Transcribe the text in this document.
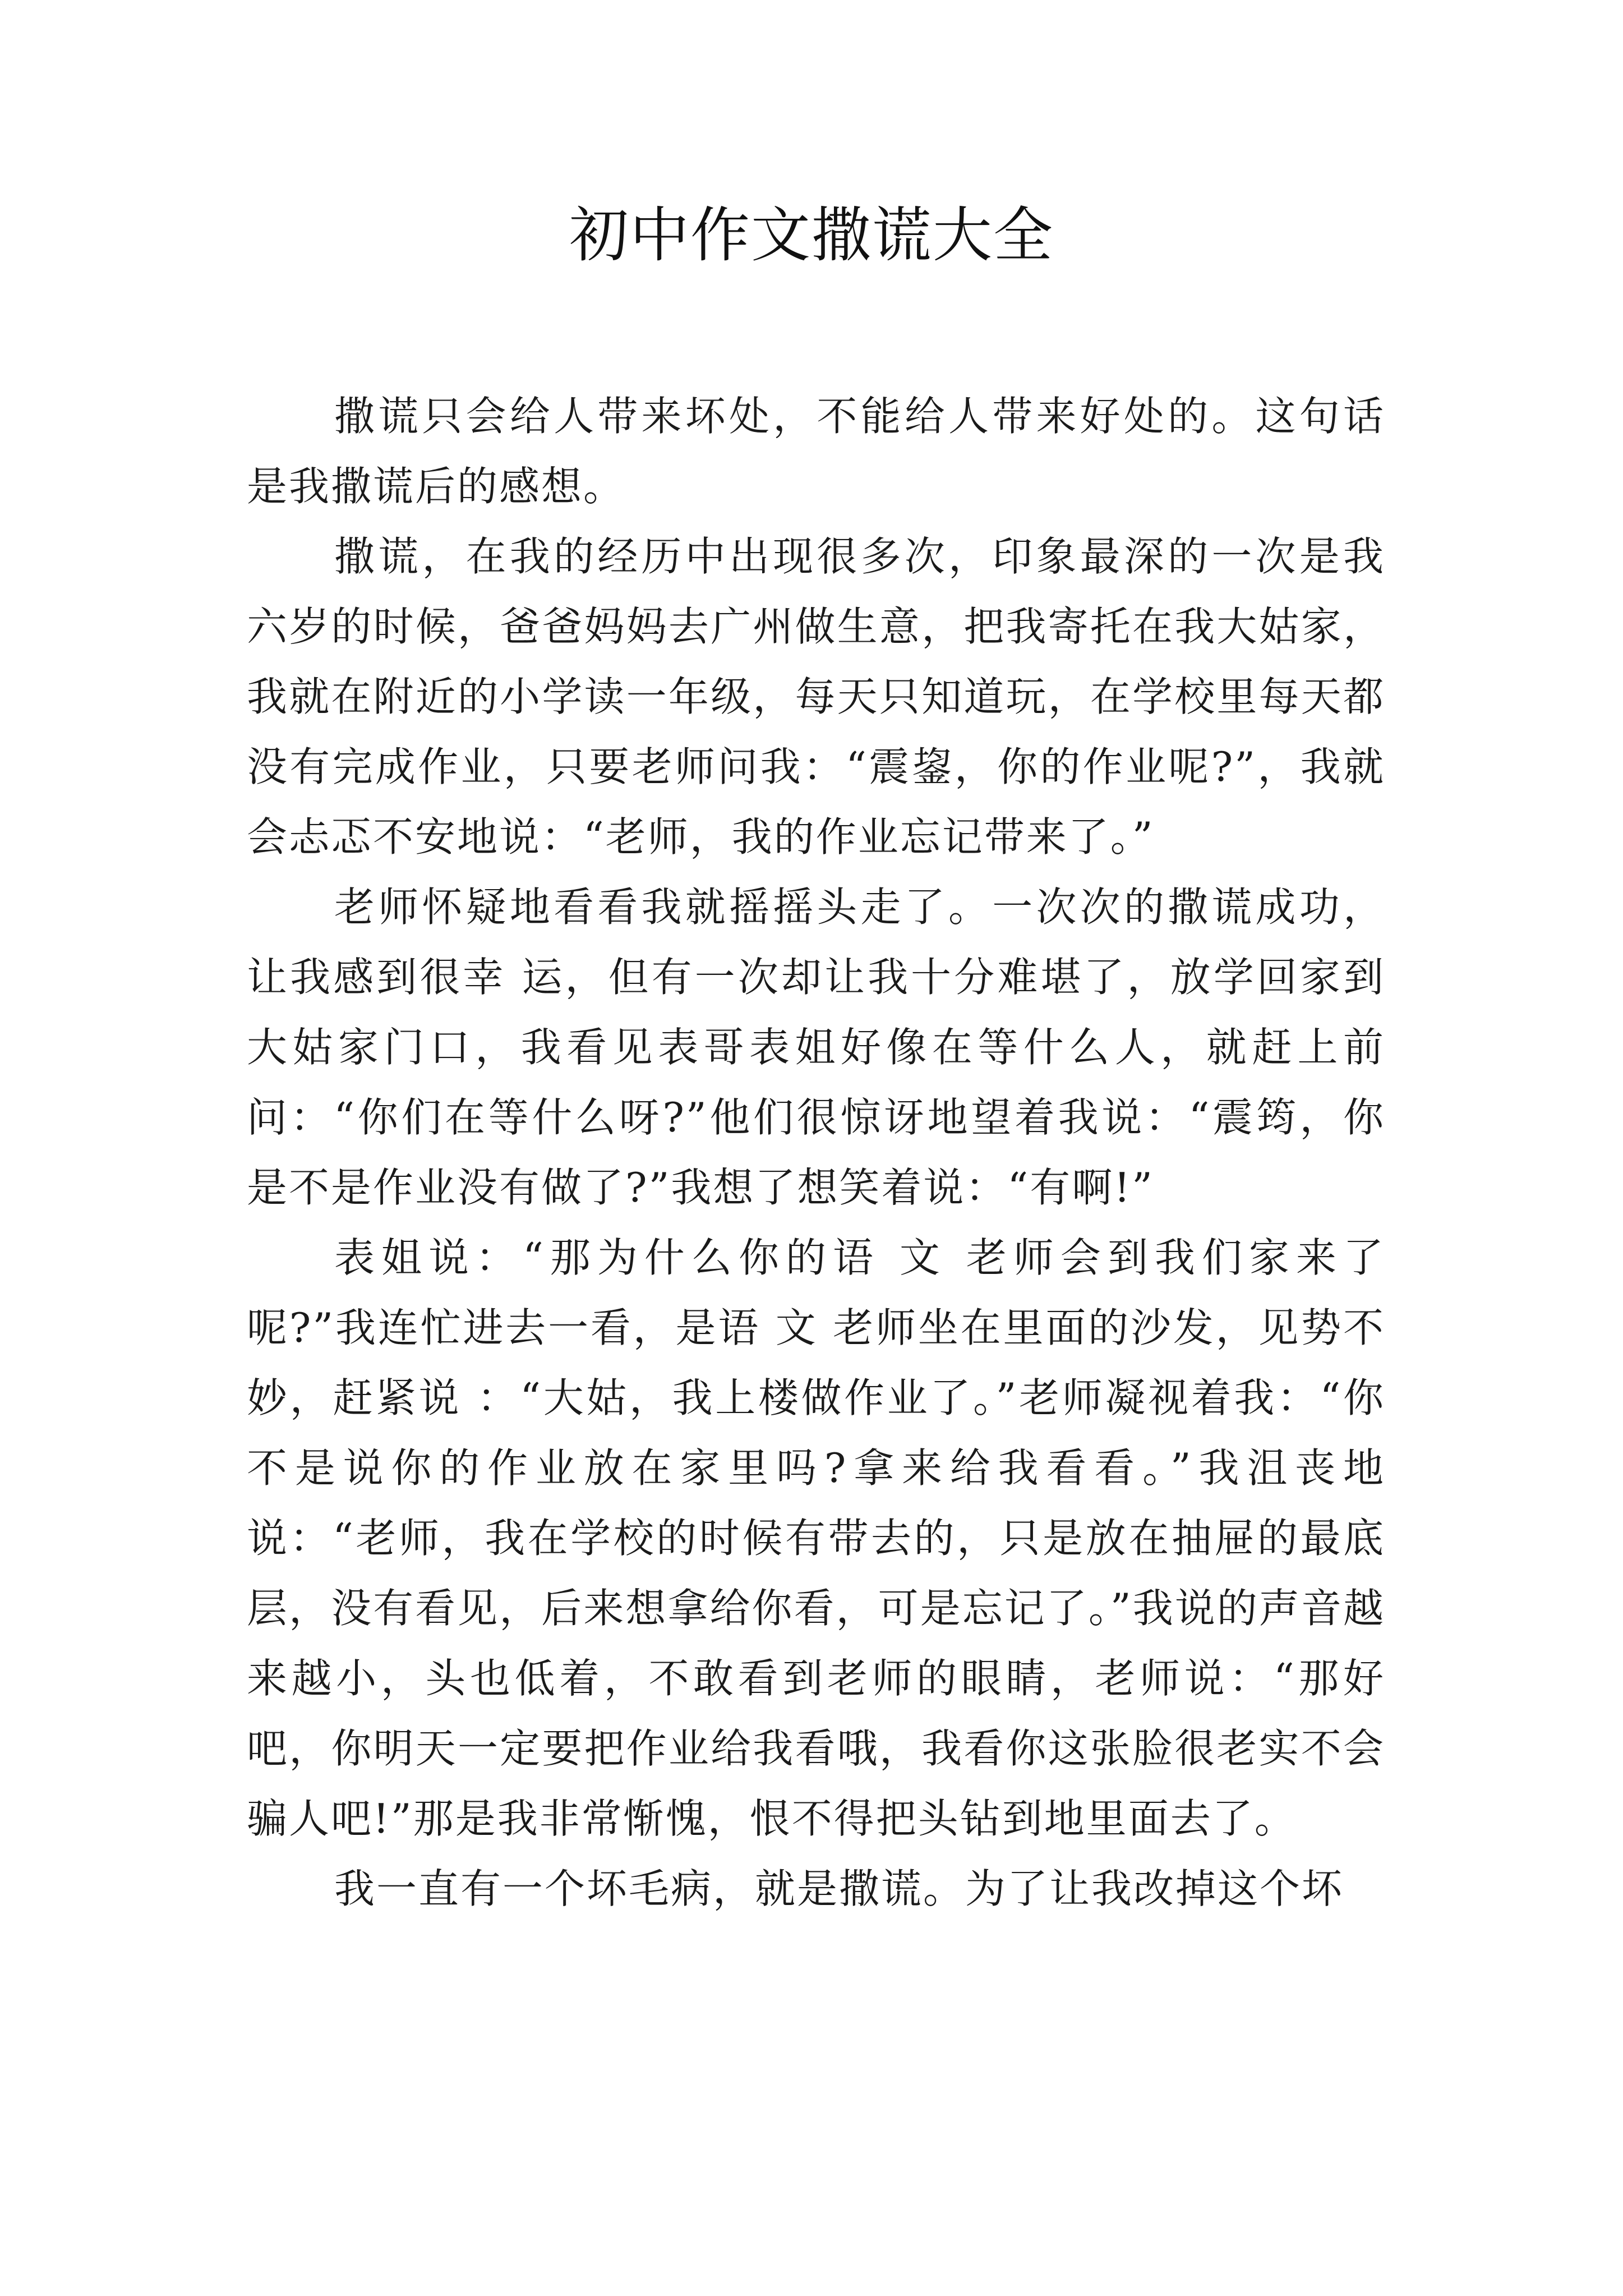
初中作文撒谎大全

撒谎只会给人带来坏处，不能给人带来好处的。这句话是我撒谎后的感想。

撒谎，在我的经历中出现很多次，印象最深的一次是我六岁的时候，爸爸妈妈去广州做生意，把我寄托在我大姑家，我就在附近的小学读一年级，每天只知道玩，在学校里每天都没有完成作业，只要老师问我：“震鋆，你的作业呢?”，我就会忐忑不安地说：“老师，我的作业忘记带来了。”

老师怀疑地看看我就摇摇头走了。一次次的撒谎成功，让我感到很幸 运，但有一次却让我十分难堪了，放学回家到大姑家门口，我看见表哥表姐好像在等什么人，就赶上前问：“你们在等什么呀?”他们很惊讶地望着我说：“震筠，你是不是作业没有做了?”我想了想笑着说：“有啊!”

表姐说：“那为什么你的语 文 老师会到我们家来了呢?”我连忙进去一看，是语 文 老师坐在里面的沙发，见势不妙，赶紧说 ：“大姑，我上楼做作业了。”老师凝视着我：“你不是说你的作业放在家里吗?拿来给我看看。”我沮丧地说：“老师，我在学校的时候有带去的，只是放在抽屉的最底层，没有看见，后来想拿给你看，可是忘记了。”我说的声音越来越小，头也低着，不敢看到老师的眼睛，老师说：“那好吧，你明天一定要把作业给我看哦，我看你这张脸很老实不会骗人吧!”那是我非常惭愧，恨不得把头钻到地里面去了。

我一直有一个坏毛病，就是撒谎。为了让我改掉这个坏
